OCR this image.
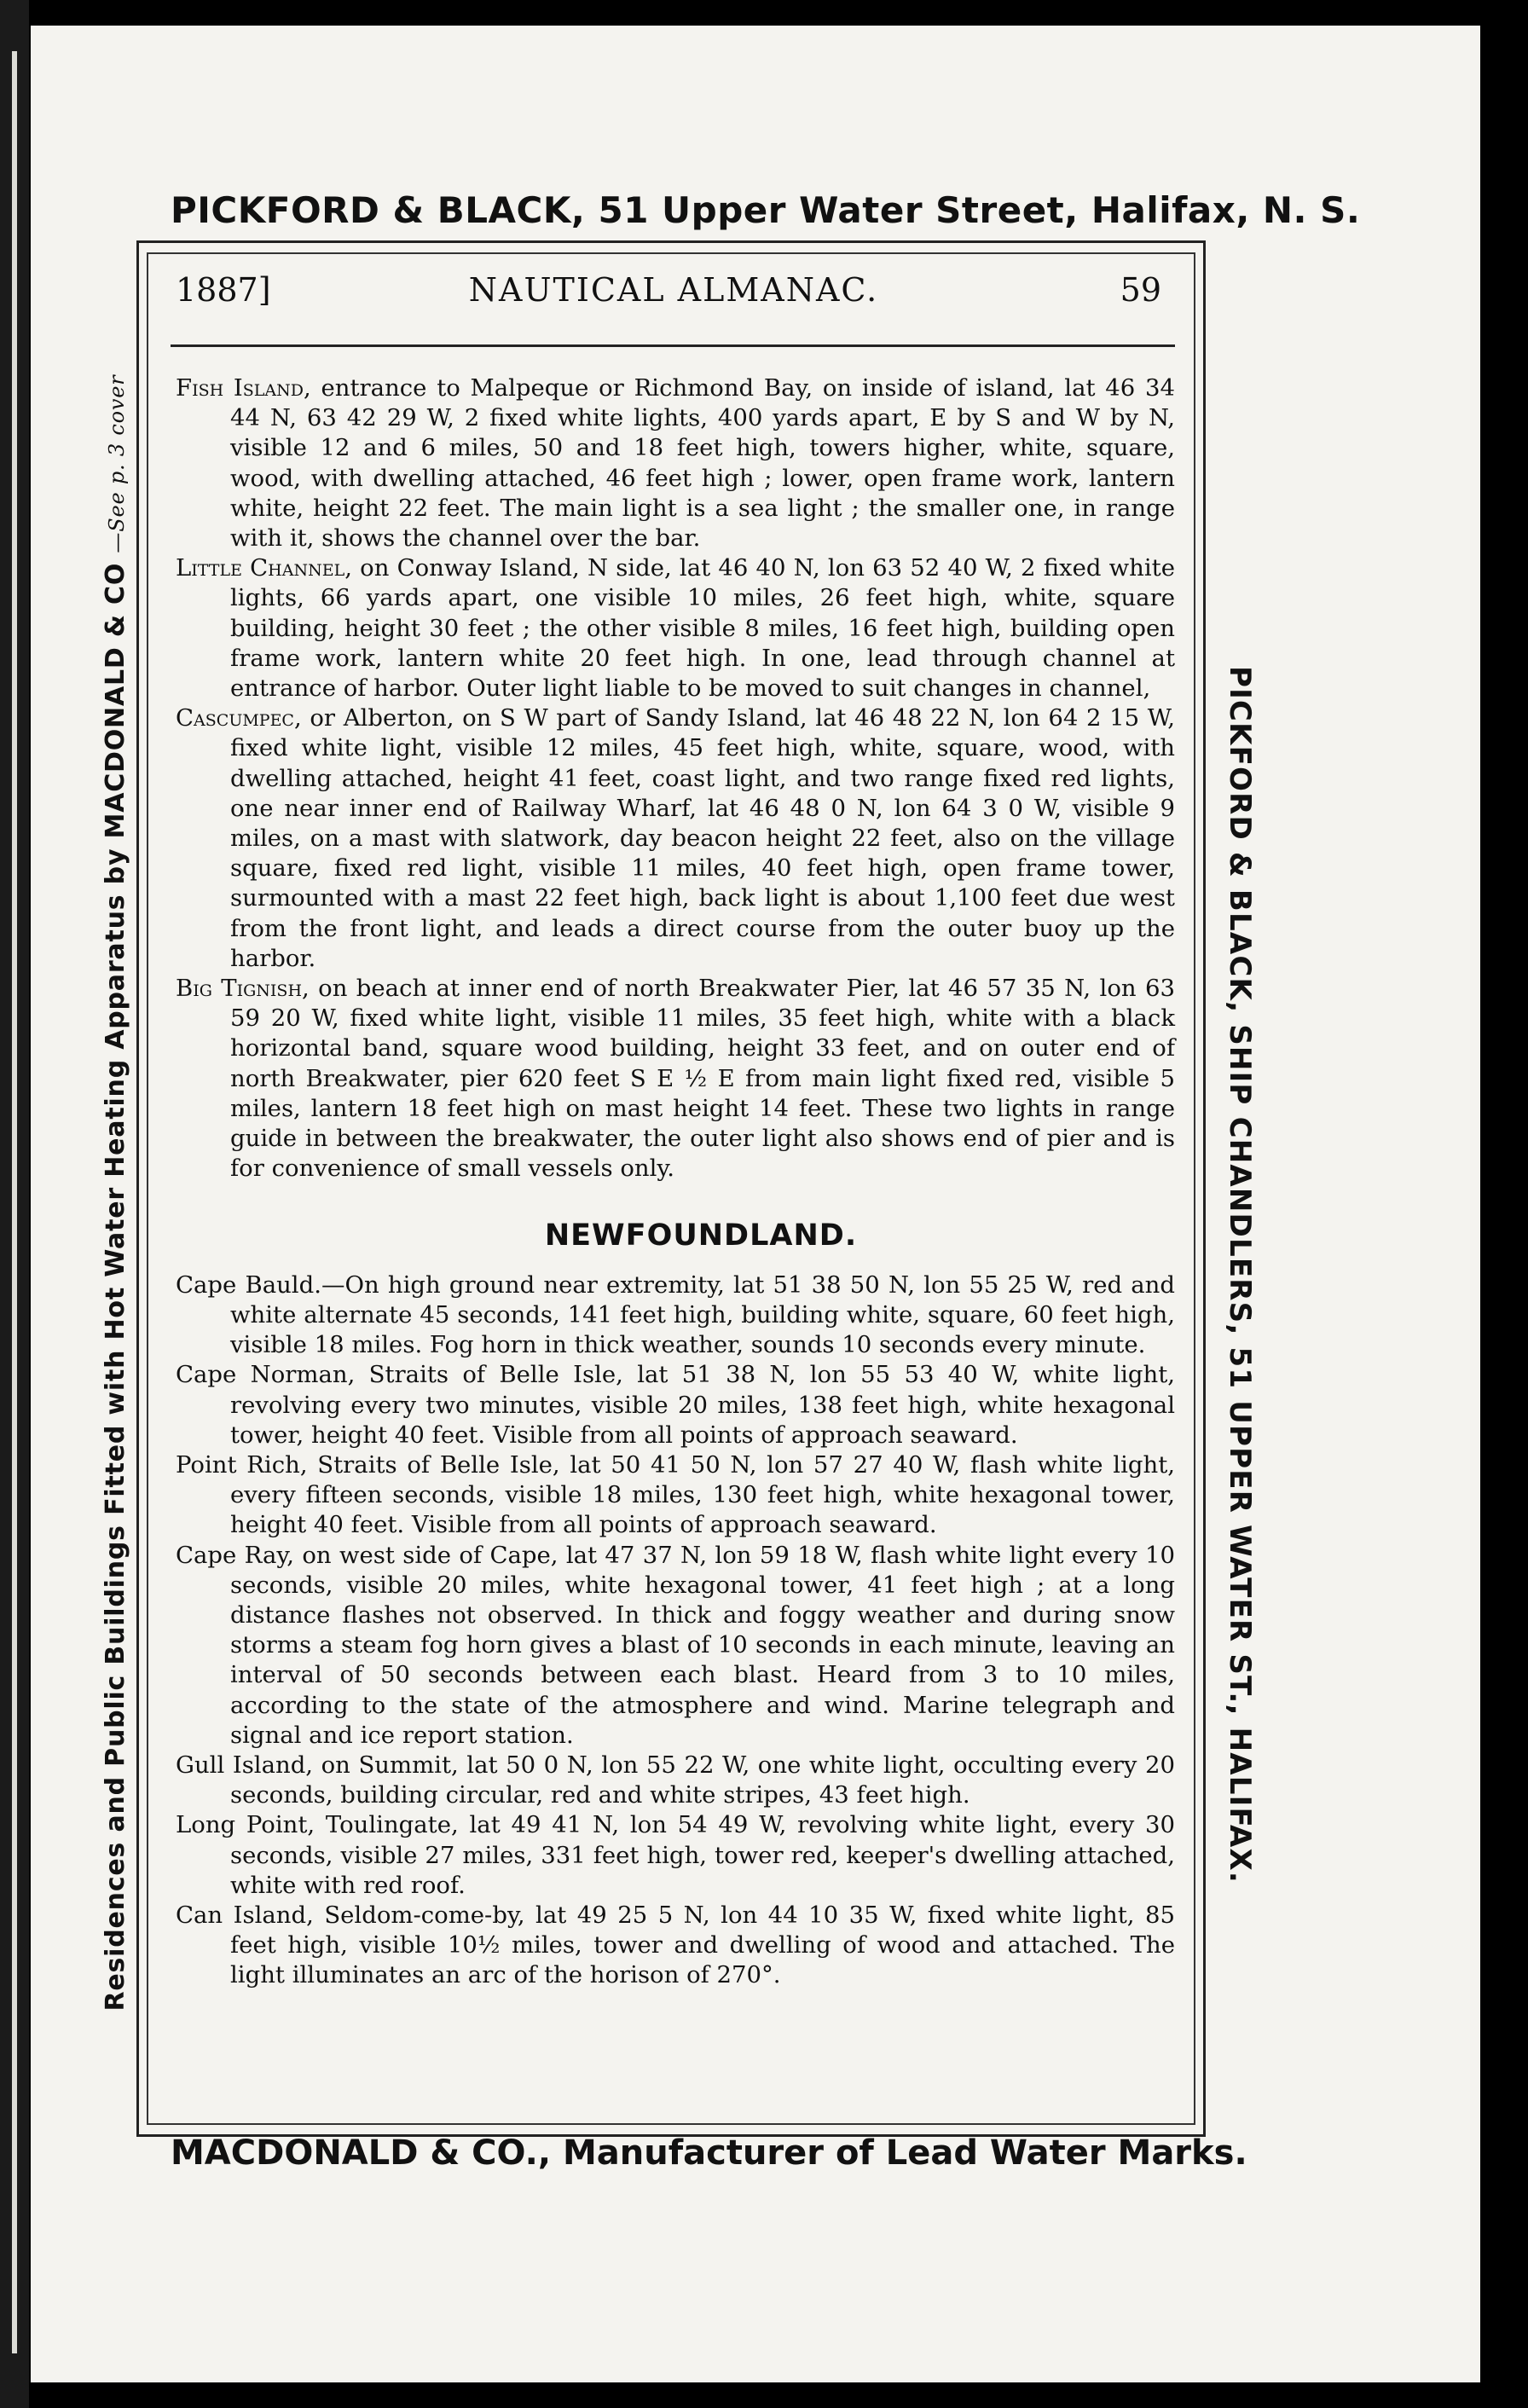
PICKFORD & BLACK, 51 Upper Water Street, Halifax, N. S.
Residences and Public Buildings Fitted with Hot Water Heating Apparatus by MACDONALD & CO —See p. 3 cover
PICKFORD & BLACK, SHIP CHANDLERS, 51 UPPER WATER ST., HALIFAX.
1887]	NAUTICAL ALMANAC.	59

Fish Island, entrance to Malpeque or Richmond Bay, on inside of island, lat 46 34 44 N, 63 42 29 W, 2 fixed white lights, 400 yards apart, E by S and W by N, visible 12 and 6 miles, 50 and 18 feet high, towers higher, white, square, wood, with dwelling attached, 46 feet high ; lower, open frame work, lantern white, height 22 feet. The main light is a sea light ; the smaller one, in range with it, shows the channel over the bar.

Little Channel, on Conway Island, N side, lat 46 40 N, lon 63 52 40 W, 2 fixed white lights, 66 yards apart, one visible 10 miles, 26 feet high, white, square building, height 30 feet ; the other visible 8 miles, 16 feet high, building open frame work, lantern white 20 feet high. In one, lead through channel at entrance of harbor. Outer light liable to be moved to suit changes in channel,

Cascumpec, or Alberton, on S W part of Sandy Island, lat 46 48 22 N, lon 64 2 15 W, fixed white light, visible 12 miles, 45 feet high, white, square, wood, with dwelling attached, height 41 feet, coast light, and two range fixed red lights, one near inner end of Railway Wharf, lat 46 48 0 N, lon 64 3 0 W, visible 9 miles, on a mast with slatwork, day beacon height 22 feet, also on the village square, fixed red light, visible 11 miles, 40 feet high, open frame tower, surmounted with a mast 22 feet high, back light is about 1,100 feet due west from the front light, and leads a direct course from the outer buoy up the harbor.

Big Tignish, on beach at inner end of north Breakwater Pier, lat 46 57 35 N, lon 63 59 20 W, fixed white light, visible 11 miles, 35 feet high, white with a black horizontal band, square wood building, height 33 feet, and on outer end of north Breakwater, pier 620 feet S E ½ E from main light fixed red, visible 5 miles, lantern 18 feet high on mast height 14 feet. These two lights in range guide in between the breakwater, the outer light also shows end of pier and is for convenience of small vessels only.

NEWFOUNDLAND.

Cape Bauld.—On high ground near extremity, lat 51 38 50 N, lon 55 25 W, red and white alternate 45 seconds, 141 feet high, building white, square, 60 feet high, visible 18 miles. Fog horn in thick weather, sounds 10 seconds every minute.

Cape Norman, Straits of Belle Isle, lat 51 38 N, lon 55 53 40 W, white light, revolving every two minutes, visible 20 miles, 138 feet high, white hexagonal tower, height 40 feet. Visible from all points of approach seaward.

Point Rich, Straits of Belle Isle, lat 50 41 50 N, lon 57 27 40 W, flash white light, every fifteen seconds, visible 18 miles, 130 feet high, white hexagonal tower, height 40 feet. Visible from all points of approach seaward.

Cape Ray, on west side of Cape, lat 47 37 N, lon 59 18 W, flash white light every 10 seconds, visible 20 miles, white hexagonal tower, 41 feet high ; at a long distance flashes not observed. In thick and foggy weather and during snow storms a steam fog horn gives a blast of 10 seconds in each minute, leaving an interval of 50 seconds between each blast. Heard from 3 to 10 miles, according to the state of the atmosphere and wind. Marine telegraph and signal and ice report station.

Gull Island, on Summit, lat 50 0 N, lon 55 22 W, one white light, occulting every 20 seconds, building circular, red and white stripes, 43 feet high.

Long Point, Toulingate, lat 49 41 N, lon 54 49 W, revolving white light, every 30 seconds, visible 27 miles, 331 feet high, tower red, keeper's dwelling attached, white with red roof.

Can Island, Seldom-come-by, lat 49 25 5 N, lon 44 10 35 W, fixed white light, 85 feet high, visible 10½ miles, tower and dwelling of wood and attached. The light illuminates an arc of the horison of 270°.

MACDONALD & CO., Manufacturer of Lead Water Marks.
